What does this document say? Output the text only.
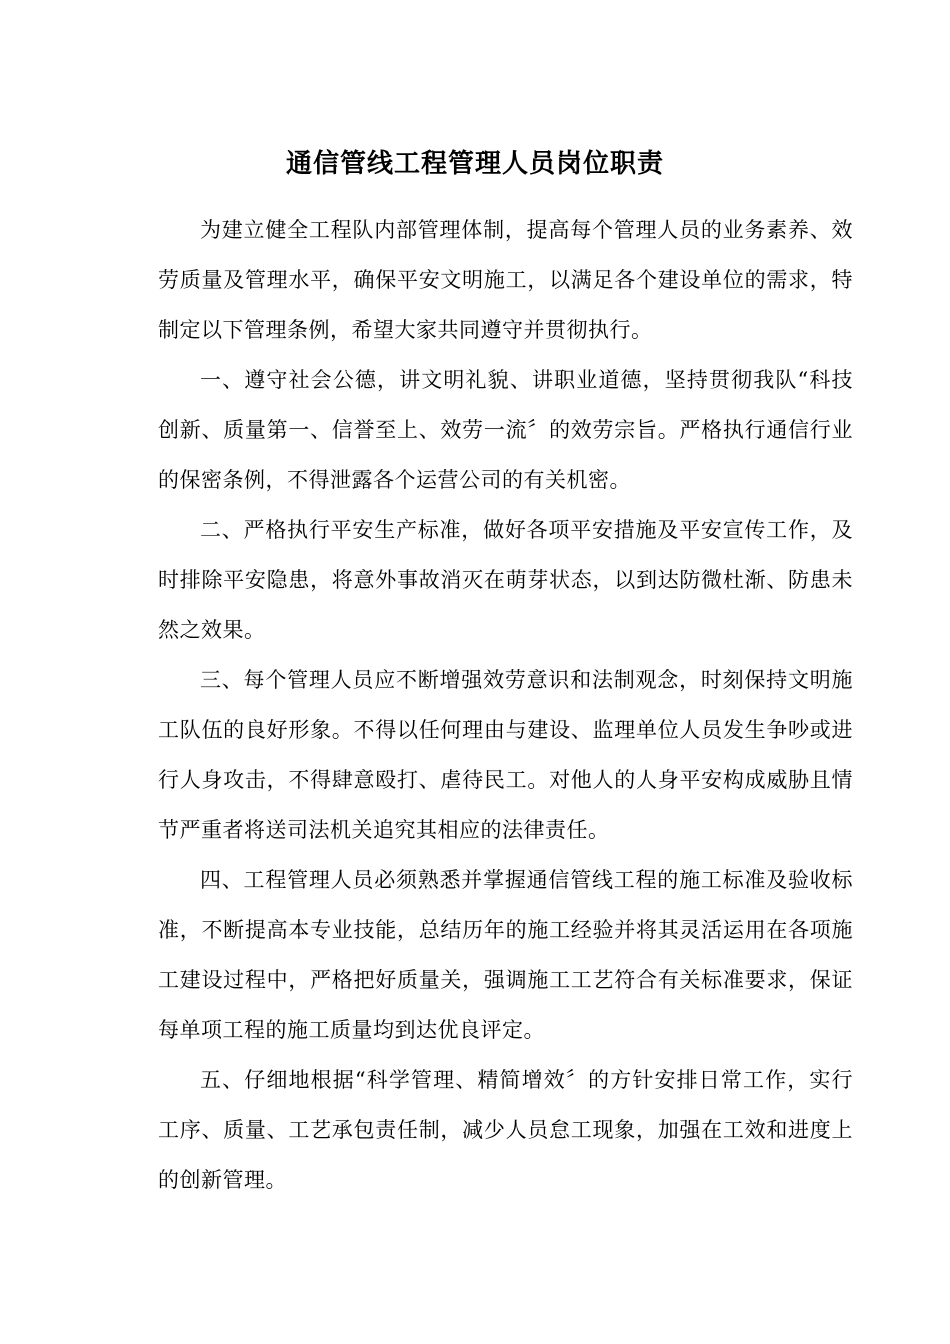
通信管线工程管理人员岗位职责

为建立健全工程队内部管理体制，提高每个管理人员的业务素养、效劳质量及管理水平，确保平安文明施工，以满足各个建设单位的需求，特制定以下管理条例，希望大家共同遵守并贯彻执行。

一、遵守社会公德，讲文明礼貌、讲职业道德，坚持贯彻我队“科技创新、质量第一、信誉至上、效劳一流〞的效劳宗旨。严格执行通信行业的保密条例，不得泄露各个运营公司的有关机密。

二、严格执行平安生产标准，做好各项平安措施及平安宣传工作，及时排除平安隐患，将意外事故消灭在萌芽状态，以到达防微杜渐、防患未然之效果。

三、每个管理人员应不断增强效劳意识和法制观念，时刻保持文明施工队伍的良好形象。不得以任何理由与建设、监理单位人员发生争吵或进行人身攻击，不得肆意殴打、虐待民工。对他人的人身平安构成威胁且情节严重者将送司法机关追究其相应的法律责任。

四、工程管理人员必须熟悉并掌握通信管线工程的施工标准及验收标准，不断提高本专业技能，总结历年的施工经验并将其灵活运用在各项施工建设过程中，严格把好质量关，强调施工工艺符合有关标准要求，保证每单项工程的施工质量均到达优良评定。

五、仔细地根据“科学管理、精简增效〞的方针安排日常工作，实行工序、质量、工艺承包责任制，减少人员怠工现象，加强在工效和进度上的创新管理。
